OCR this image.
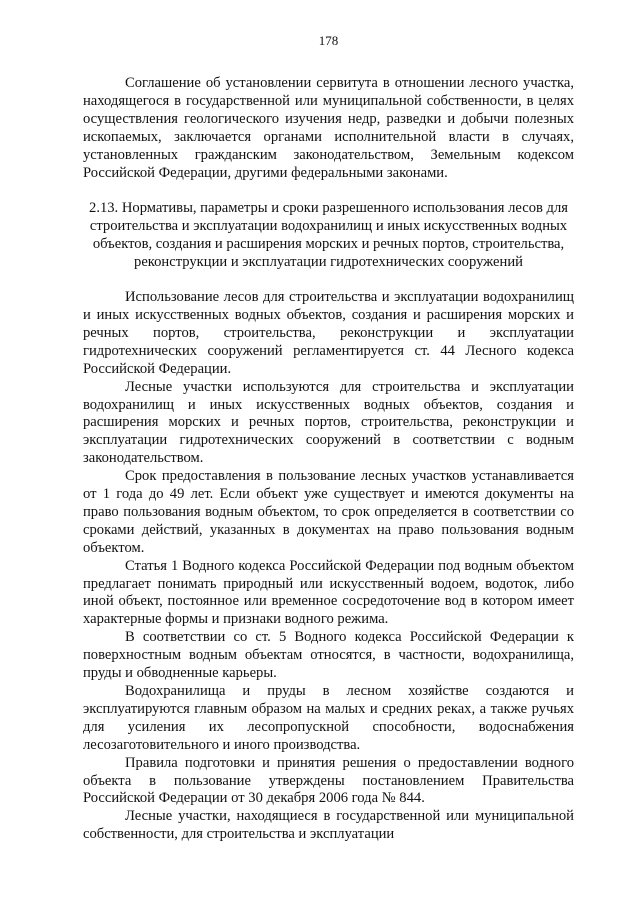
178

Соглашение об установлении сервитута в отношении лесного участка, находящегося в государственной или муниципальной собственности, в целях осуществления геологического изучения недр, разведки и добычи полезных ископаемых, заключается органами исполнительной власти в случаях, установленных гражданским законодательством, Земельным кодексом Российской Федерации, другими федеральными законами.

2.13. Нормативы, параметры и сроки разрешенного использования лесов для строительства и эксплуатации водохранилищ и иных искусственных водных объектов, создания и расширения морских и речных портов, строительства, реконструкции и эксплуатации гидротехнических сооружений

Использование лесов для строительства и эксплуатации водохранилищ и иных искусственных водных объектов, создания и расширения морских и речных портов, строительства, реконструкции и эксплуатации гидротехнических сооружений регламентируется ст. 44 Лесного кодекса Российской Федерации.

Лесные участки используются для строительства и эксплуатации водохранилищ и иных искусственных водных объектов, создания и расширения морских и речных портов, строительства, реконструкции и эксплуатации гидротехнических сооружений в соответствии с водным законодательством.

Срок предоставления в пользование лесных участков устанавливается от 1 года до 49 лет. Если объект уже существует и имеются документы на право пользования водным объектом, то срок определяется в соответствии со сроками действий, указанных в документах на право пользования водным объектом.

Статья 1 Водного кодекса Российской Федерации под водным объектом предлагает понимать природный или искусственный водоем, водоток, либо иной объект, постоянное или временное сосредоточение вод в котором имеет характерные формы и признаки водного режима.

В соответствии со ст. 5 Водного кодекса Российской Федерации к поверхностным водным объектам относятся, в частности, водохранилища, пруды и обводненные карьеры.

Водохранилища и пруды в лесном хозяйстве создаются и эксплуатируются главным образом на малых и средних реках, а также ручьях для усиления их лесопропускной способности, водоснабжения лесозаготовительного и иного производства.

Правила подготовки и принятия решения о предоставлении водного объекта в пользование утверждены постановлением Правительства Российской Федерации от 30 декабря 2006 года № 844.

Лесные участки, находящиеся в государственной или муниципальной собственности, для строительства и эксплуатации
